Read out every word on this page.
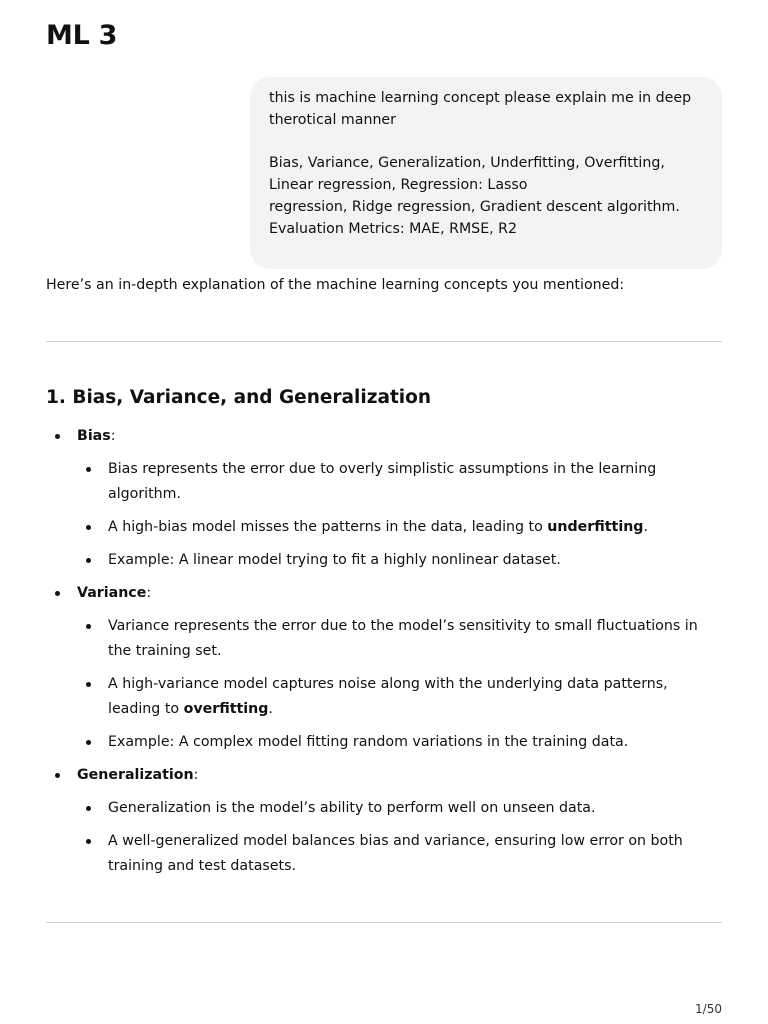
ML 3

this is machine learning concept please explain me in deep therotical manner

Bias, Variance, Generalization, Underfitting, Overfitting, Linear regression, Regression: Lasso
regression, Ridge regression, Gradient descent algorithm.
Evaluation Metrics: MAE, RMSE, R2

Here’s an in-depth explanation of the machine learning concepts you mentioned:

1. Bias, Variance, and Generalization
Bias:
Bias represents the error due to overly simplistic assumptions in the learning algorithm.
A high-bias model misses the patterns in the data, leading to underfitting.
Example: A linear model trying to fit a highly nonlinear dataset.
Variance:
Variance represents the error due to the model’s sensitivity to small fluctuations in the training set.
A high-variance model captures noise along with the underlying data patterns, leading to overfitting.
Example: A complex model fitting random variations in the training data.
Generalization:
Generalization is the model’s ability to perform well on unseen data.
A well-generalized model balances bias and variance, ensuring low error on both training and test datasets.
1/50
